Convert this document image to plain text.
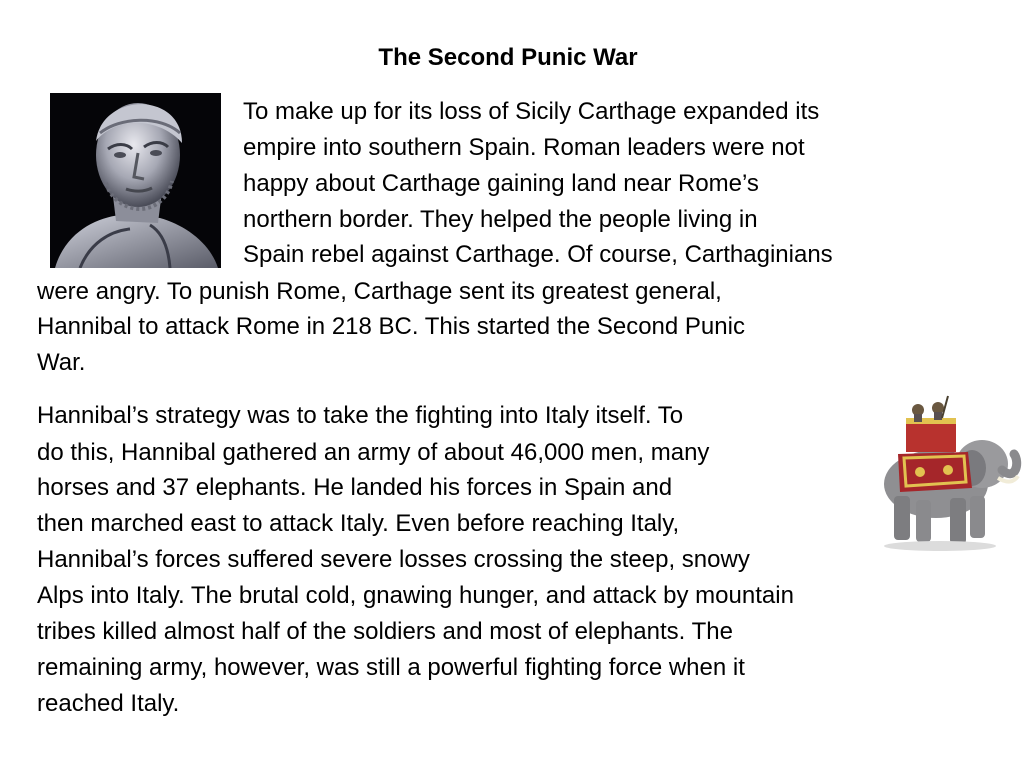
The Second Punic War
To make up for its loss of Sicily Carthage expanded its
empire into southern Spain. Roman leaders were not
happy about Carthage gaining land near Rome’s
northern border. They helped the people living in
Spain rebel against Carthage. Of course, Carthaginians
were angry. To punish Rome, Carthage sent its greatest general,
Hannibal to attack Rome in 218 BC. This started the Second Punic
War.
Hannibal’s strategy was to take the fighting into Italy itself. To
do this, Hannibal gathered an army of about 46,000 men, many
horses and 37 elephants. He landed his forces in Spain and
then marched east to attack Italy. Even before reaching Italy,
Hannibal’s forces suffered severe losses crossing the steep, snowy
Alps into Italy. The brutal cold, gnawing hunger, and attack by mountain
tribes killed almost half of the soldiers and most of elephants. The
remaining army, however, was still a powerful fighting force when it
reached Italy.
